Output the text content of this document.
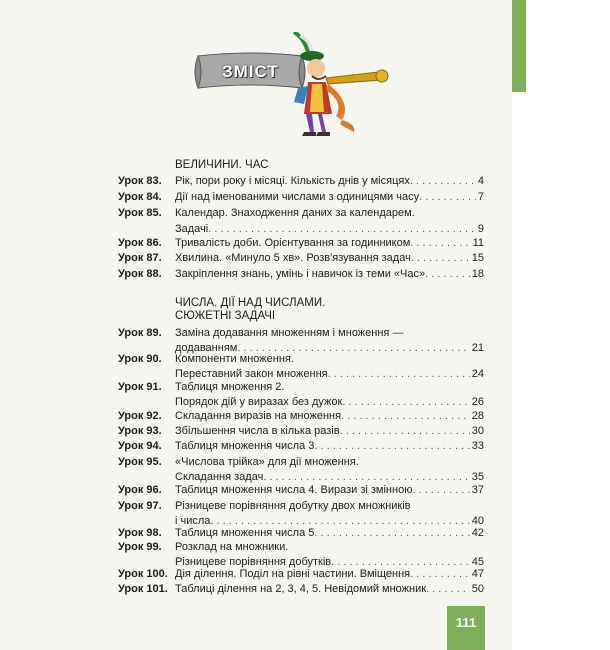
ЗМІСТ
ВЕЛИЧИНИ. ЧАС
Урок 83. Рік, пори року і місяці. Кількість днів у місяцях . . .	4
Урок 84. Дії над іменованими числами з одиницями часу . . .	7
Урок 85. Календар. Знаходження даних за календарем.
Задачі . . .	9
Урок 86. Тривалість доби. Орієнтування за годинником . . .	11
Урок 87. Хвилина. «Минуло 5 хв». Розв'язування задач . . .	15
Урок 88. Закріплення знань, умінь і навичок із теми «Час» . . .	18
ЧИСЛА. ДІЇ НАД ЧИСЛАМИ.
СЮЖЕТНІ ЗАДАЧІ
Урок 89. Заміна додавання множенням і множення —
додаванням . . .	21
Урок 90. Компоненти множення.
Переставний закон множення . . .	24
Урок 91. Таблиця множення 2.
Порядок дій у виразах без дужок . . .	26
Урок 92. Складання виразів на множення . . .	28
Урок 93. Збільшення числа в кілька разів . . .	30
Урок 94. Таблиця множення числа 3 . . .	33
Урок 95. «Числова трійка» для дії множення.
Складання задач . . .	35
Урок 96. Таблиця множення числа 4. Вирази зі змінною . . .	37
Урок 97. Різницеве порівняння добутку двох множників
і числа . . .	40
Урок 98. Таблиця множення числа 5 . . .	42
Урок 99. Розклад на множники.
Різницеве порівняння добутків . . .	45
Урок 100. Дія ділення. Поділ на рівні частини. Вміщення . . .	47
Урок 101. Таблиці ділення на 2, 3, 4, 5. Невідомий множник . . .	50
111
